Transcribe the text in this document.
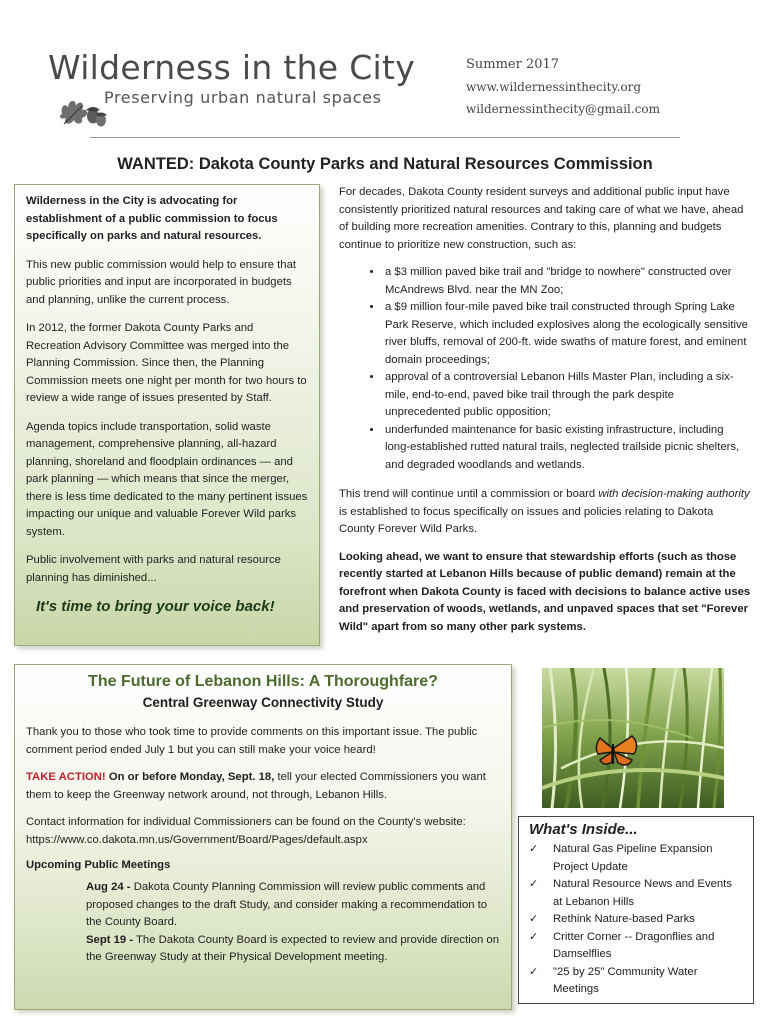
Wilderness in the City
Preserving urban natural spaces
Summer 2017
www.wildernessinthecity.org
wildernessinthecity@gmail.com
WANTED: Dakota County Parks and Natural Resources Commission

Wilderness in the City is advocating for establishment of a public commission to focus specifically on parks and natural resources.

This new public commission would help to ensure that public priorities and input are incorporated in budgets and planning, unlike the current process.

In 2012, the former Dakota County Parks and Recreation Advisory Committee was merged into the Planning Commission. Since then, the Planning Commission meets one night per month for two hours to review a wide range of issues presented by Staff.

Agenda topics include transportation, solid waste management, comprehensive planning, all-hazard planning, shoreland and floodplain ordinances — and park planning — which means that since the merger, there is less time dedicated to the many pertinent issues impacting our unique and valuable Forever Wild parks system.

Public involvement with parks and natural resource planning has diminished...

It's time to bring your voice back!

For decades, Dakota County resident surveys and additional public input have consistently prioritized natural resources and taking care of what we have, ahead of building more recreation amenities. Contrary to this, planning and budgets continue to prioritize new construction, such as:

• a $3 million paved bike trail and "bridge to nowhere" constructed over McAndrews Blvd. near the MN Zoo;
• a $9 million four-mile paved bike trail constructed through Spring Lake Park Reserve, which included explosives along the ecologically sensitive river bluffs, removal of 200-ft. wide swaths of mature forest, and eminent domain proceedings;
• approval of a controversial Lebanon Hills Master Plan, including a six-mile, end-to-end, paved bike trail through the park despite unprecedented public opposition;
• underfunded maintenance for basic existing infrastructure, including long-established rutted natural trails, neglected trailside picnic shelters, and degraded woodlands and wetlands.

This trend will continue until a commission or board with decision-making authority is established to focus specifically on issues and policies relating to Dakota County Forever Wild Parks.

Looking ahead, we want to ensure that stewardship efforts (such as those recently started at Lebanon Hills because of public demand) remain at the forefront when Dakota County is faced with decisions to balance active uses and preservation of woods, wetlands, and unpaved spaces that set "Forever Wild" apart from so many other park systems.

The Future of Lebanon Hills: A Thoroughfare?
Central Greenway Connectivity Study

Thank you to those who took time to provide comments on this important issue. The public comment period ended July 1 but you can still make your voice heard!

TAKE ACTION! On or before Monday, Sept. 18, tell your elected Commissioners you want them to keep the Greenway network around, not through, Lebanon Hills.

Contact information for individual Commissioners can be found on the County's website: https://www.co.dakota.mn.us/Government/Board/Pages/default.aspx

Upcoming Public Meetings
Aug 24 - Dakota County Planning Commission will review public comments and proposed changes to the draft Study, and consider making a recommendation to the County Board.
Sept 19 - The Dakota County Board is expected to review and provide direction on the Greenway Study at their Physical Development meeting.
What's Inside...
✓	Natural Gas Pipeline Expansion Project Update
✓	Natural Resource News and Events at Lebanon Hills
✓	Rethink Nature-based Parks
✓	Critter Corner -- Dragonflies and Damselflies
✓	"25 by 25" Community Water Meetings
